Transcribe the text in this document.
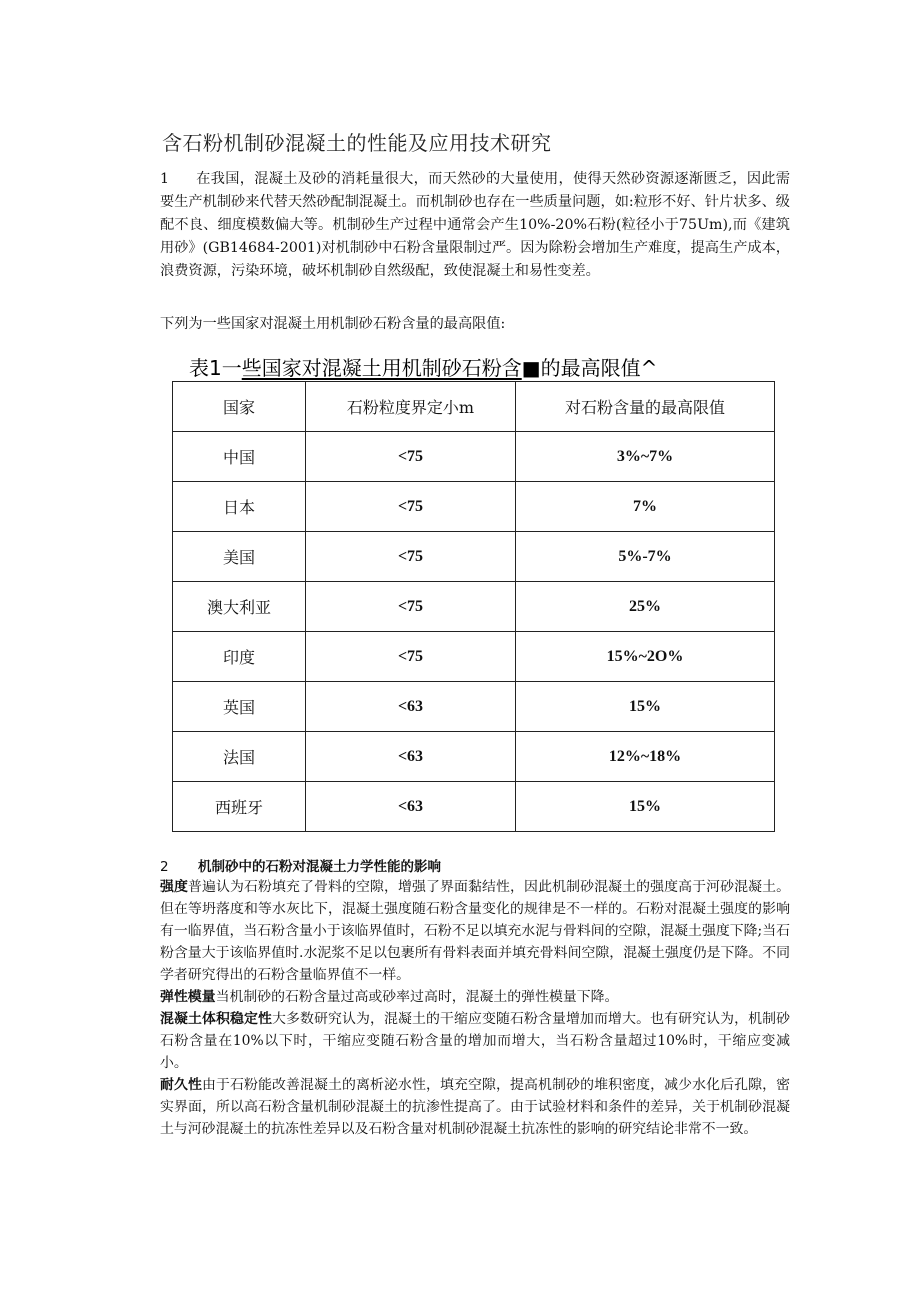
含石粉机制砂混凝土的性能及应用技术研究

1 在我国，混凝土及砂的消耗量很大，而天然砂的大量使用，使得天然砂资源逐渐匮乏，因此需要生产机制砂来代替天然砂配制混凝土。而机制砂也存在一些质量问题，如:粒形不好、针片状多、级配不良、细度模数偏大等。机制砂生产过程中通常会产生10%-20%石粉(粒径小于75Um),而《建筑用砂》(GB14684-2001)对机制砂中石粉含量限制过严。因为除粉会增加生产难度，提高生产成本，浪费资源，污染环境，破坏机制砂自然级配，致使混凝土和易性变差。

下列为一些国家对混凝土用机制砂石粉含量的最高限值:
表1一些国家对混凝土用机制砂石粉含■的最高限值^
国家	石粉粒度界定小m	对石粉含量的最高限值
中国	<75	3%~7%
日本	<75	7%
美国	<75	5%-7%
澳大利亚	<75	25%
印度	<75	15%~2O%
英国	<63	15%
法国	<63	12%~18%
西班牙	<63	15%
2 机制砂中的石粉对混凝土力学性能的影响

强度普遍认为石粉填充了骨料的空隙，增强了界面黏结性，因此机制砂混凝土的强度高于河砂混凝土。但在等坍落度和等水灰比下，混凝土强度随石粉含量变化的规律是不一样的。石粉对混凝土强度的影响有一临界值，当石粉含量小于该临界值时，石粉不足以填充水泥与骨料间的空隙，混凝土强度下降;当石粉含量大于该临界值时.水泥浆不足以包裹所有骨料表面并填充骨料间空隙，混凝土强度仍是下降。不同学者研究得出的石粉含量临界值不一样。

弹性模量当机制砂的石粉含量过高或砂率过高时，混凝土的弹性模量下降。

混凝土体积稳定性大多数研究认为，混凝土的干缩应变随石粉含量增加而增大。也有研究认为，机制砂石粉含量在10%以下时，干缩应变随石粉含量的增加而增大，当石粉含量超过10%时，干缩应变减小。

耐久性由于石粉能改善混凝土的离析泌水性，填充空隙，提高机制砂的堆积密度，减少水化后孔隙，密实界面，所以高石粉含量机制砂混凝土的抗渗性提高了。由于试验材料和条件的差异，关于机制砂混凝土与河砂混凝土的抗冻性差异以及石粉含量对机制砂混凝土抗冻性的影响的研究结论非常不一致。
